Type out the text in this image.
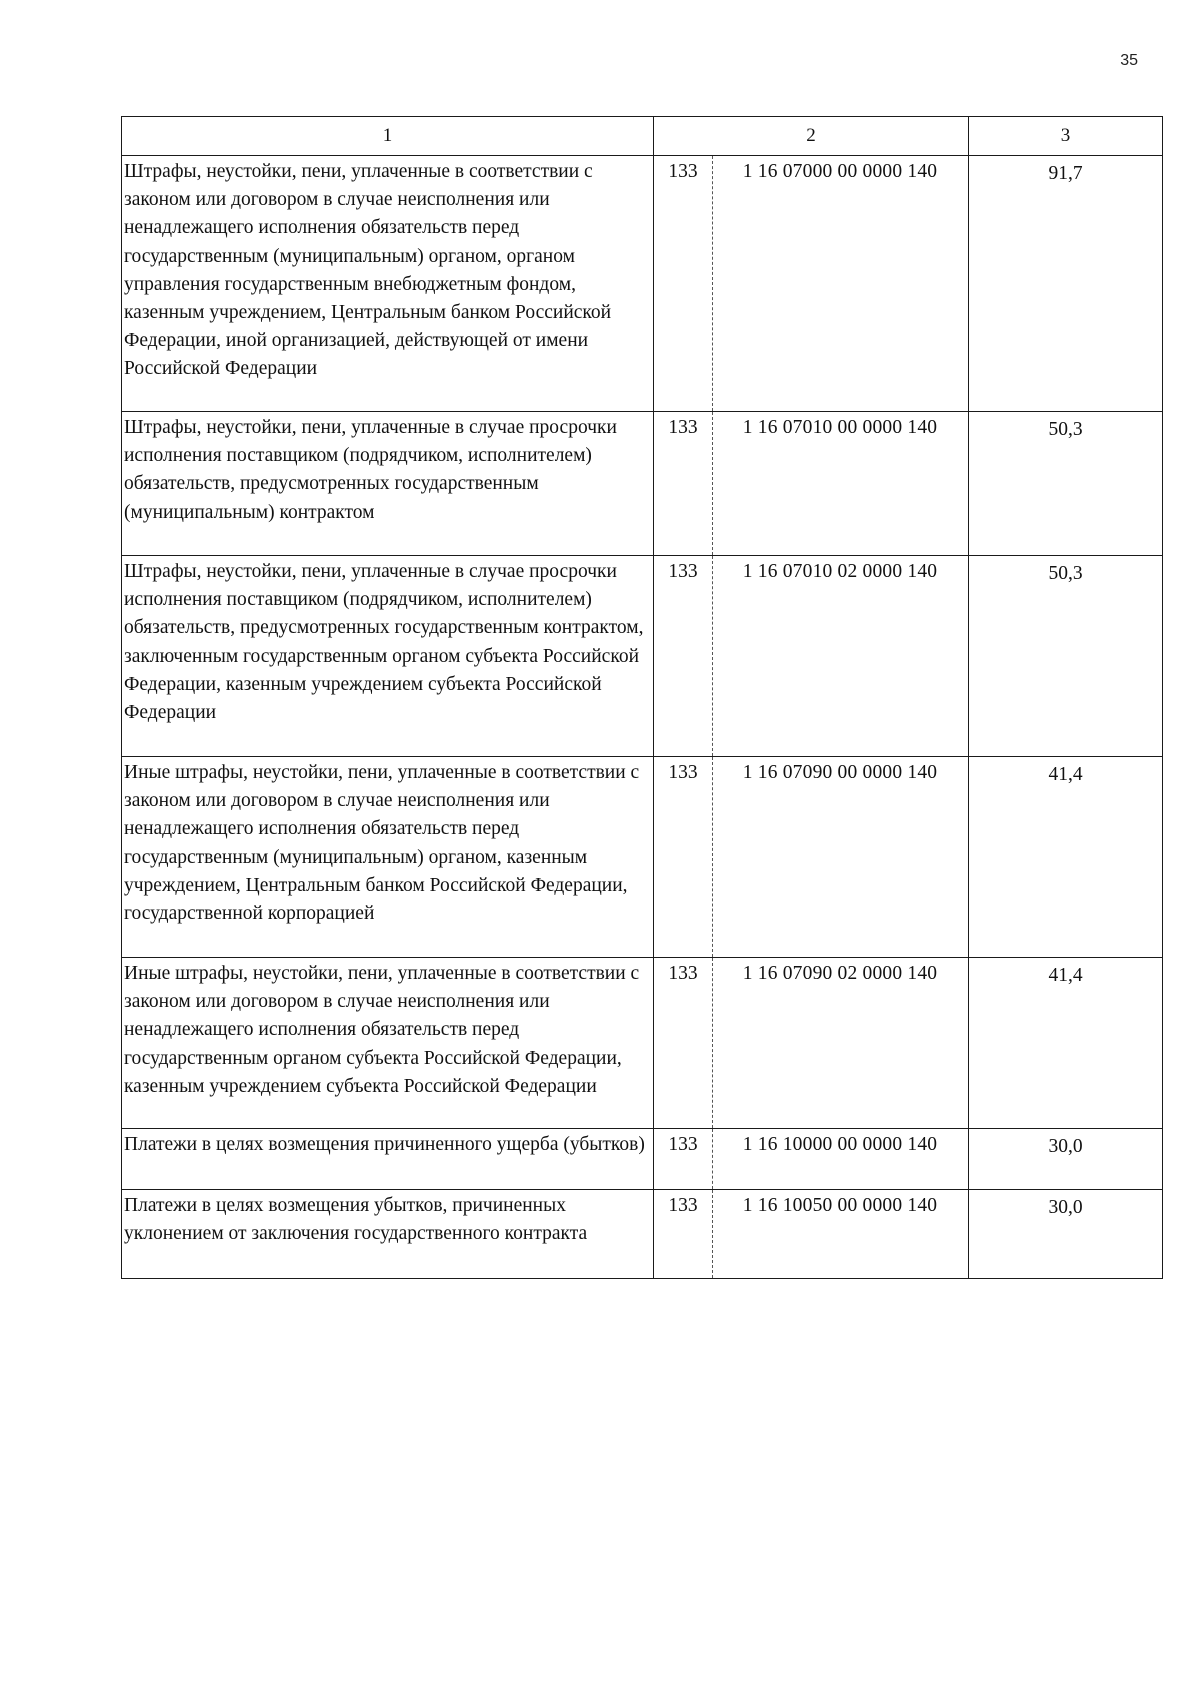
35
1	2	3
Штрафы, неустойки, пени, уплаченные в соответствии с законом или договором в случае неисполнения или ненадлежащего исполнения обязательств перед государственным (муниципальным) органом, органом управления государственным внебюджетным фондом, казенным учреждением, Центральным банком Российской Федерации, иной организацией, действующей от имени Российской Федерации	133 1 16 07000 00 0000 140	91,7
Штрафы, неустойки, пени, уплаченные в случае просрочки исполнения поставщиком (подрядчиком, исполнителем) обязательств, предусмотренных государственным (муниципальным) контрактом	133 1 16 07010 00 0000 140	50,3
Штрафы, неустойки, пени, уплаченные в случае просрочки исполнения поставщиком (подрядчиком, исполнителем) обязательств, предусмотренных государственным контрактом, заключенным государственным органом субъекта Российской Федерации, казенным учреждением субъекта Российской Федерации	133 1 16 07010 02 0000 140	50,3
Иные штрафы, неустойки, пени, уплаченные в соответствии с законом или договором в случае неисполнения или ненадлежащего исполнения обязательств перед государственным (муниципальным) органом, казенным учреждением, Центральным банком Российской Федерации, государственной корпорацией	133 1 16 07090 00 0000 140	41,4
Иные штрафы, неустойки, пени, уплаченные в соответствии с законом или договором в случае неисполнения или ненадлежащего исполнения обязательств перед государственным органом субъекта Российской Федерации, казенным учреждением субъекта Российской Федерации	133 1 16 07090 02 0000 140	41,4
Платежи в целях возмещения причиненного ущерба (убытков)	133 1 16 10000 00 0000 140	30,0
Платежи в целях возмещения убытков, причиненных уклонением от заключения государственного контракта	133 1 16 10050 00 0000 140	30,0
